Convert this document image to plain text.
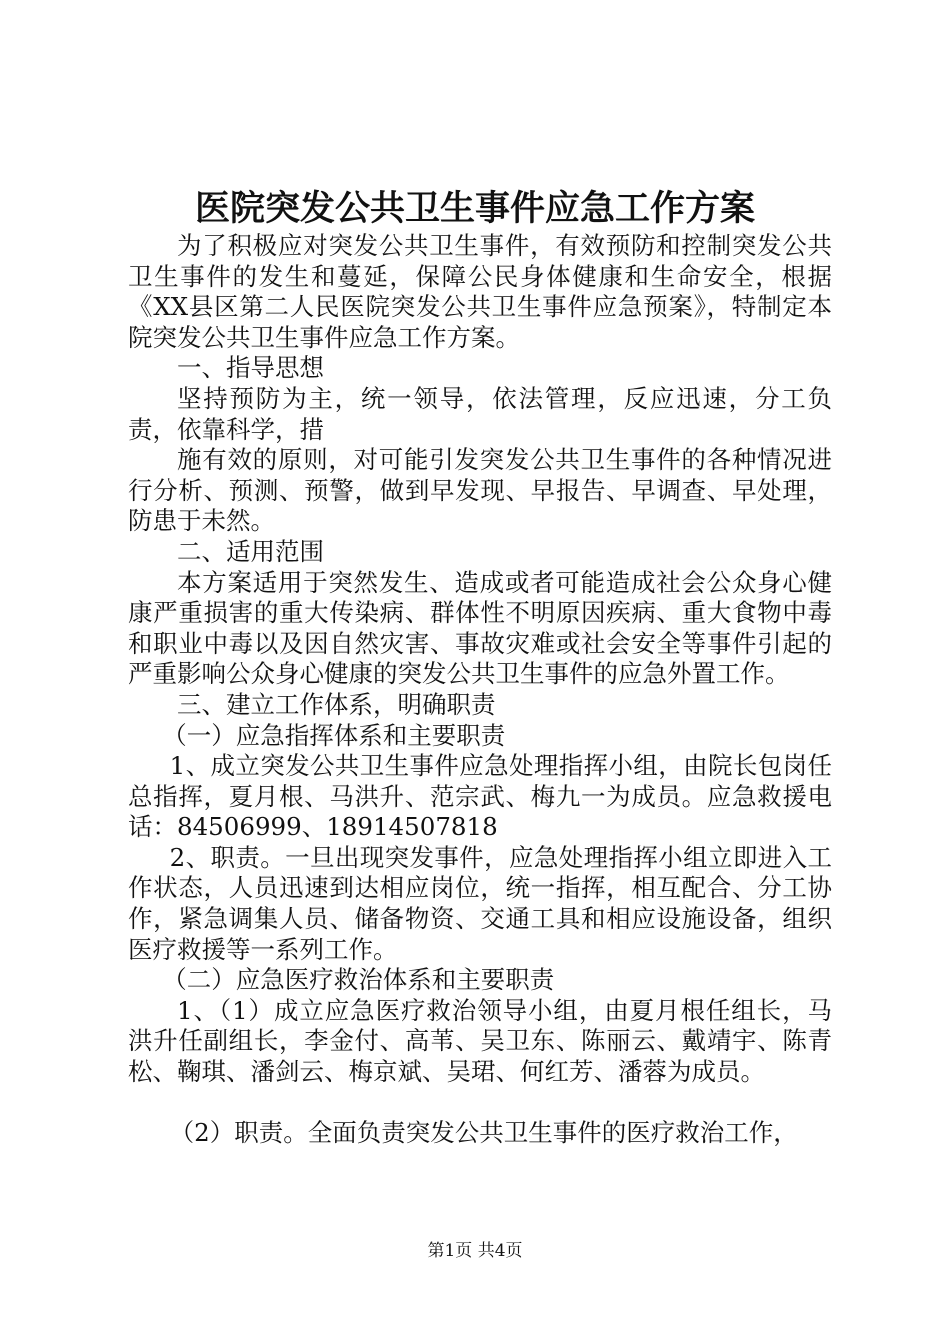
医院突发公共卫生事件应急工作方案

为了积极应对突发公共卫生事件，有效预防和控制突发公共卫生事件的发生和蔓延，保障公民身体健康和生命安全，根据《XX县区第二人民医院突发公共卫生事件应急预案》，特制定本院突发公共卫生事件应急工作方案。

一、指导思想

坚持预防为主，统一领导，依法管理，反应迅速，分工负责，依靠科学，措

施有效的原则，对可能引发突发公共卫生事件的各种情况进行分析、预测、预警，做到早发现、早报告、早调查、早处理，防患于未然。

二、适用范围

本方案适用于突然发生、造成或者可能造成社会公众身心健康严重损害的重大传染病、群体性不明原因疾病、重大食物中毒和职业中毒以及因自然灾害、事故灾难或社会安全等事件引起的严重影响公众身心健康的突发公共卫生事件的应急外置工作。

三、建立工作体系，明确职责

（一）应急指挥体系和主要职责

1、成立突发公共卫生事件应急处理指挥小组，由院长包岗任总指挥，夏月根、马洪升、范宗武、梅九一为成员。应急救援电话：84506999、18914507818

2、职责。一旦出现突发事件，应急处理指挥小组立即进入工作状态，人员迅速到达相应岗位，统一指挥，相互配合、分工协作，紧急调集人员、储备物资、交通工具和相应设施设备，组织医疗救援等一系列工作。

（二）应急医疗救治体系和主要职责

1、（1）成立应急医疗救治领导小组，由夏月根任组长，马洪升任副组长，李金付、高苇、吴卫东、陈丽云、戴靖宇、陈青松、鞠琪、潘剑云、梅京斌、吴珺、何红芳、潘蓉为成员。

（2）职责。全面负责突发公共卫生事件的医疗救治工作，

第1页 共4页
